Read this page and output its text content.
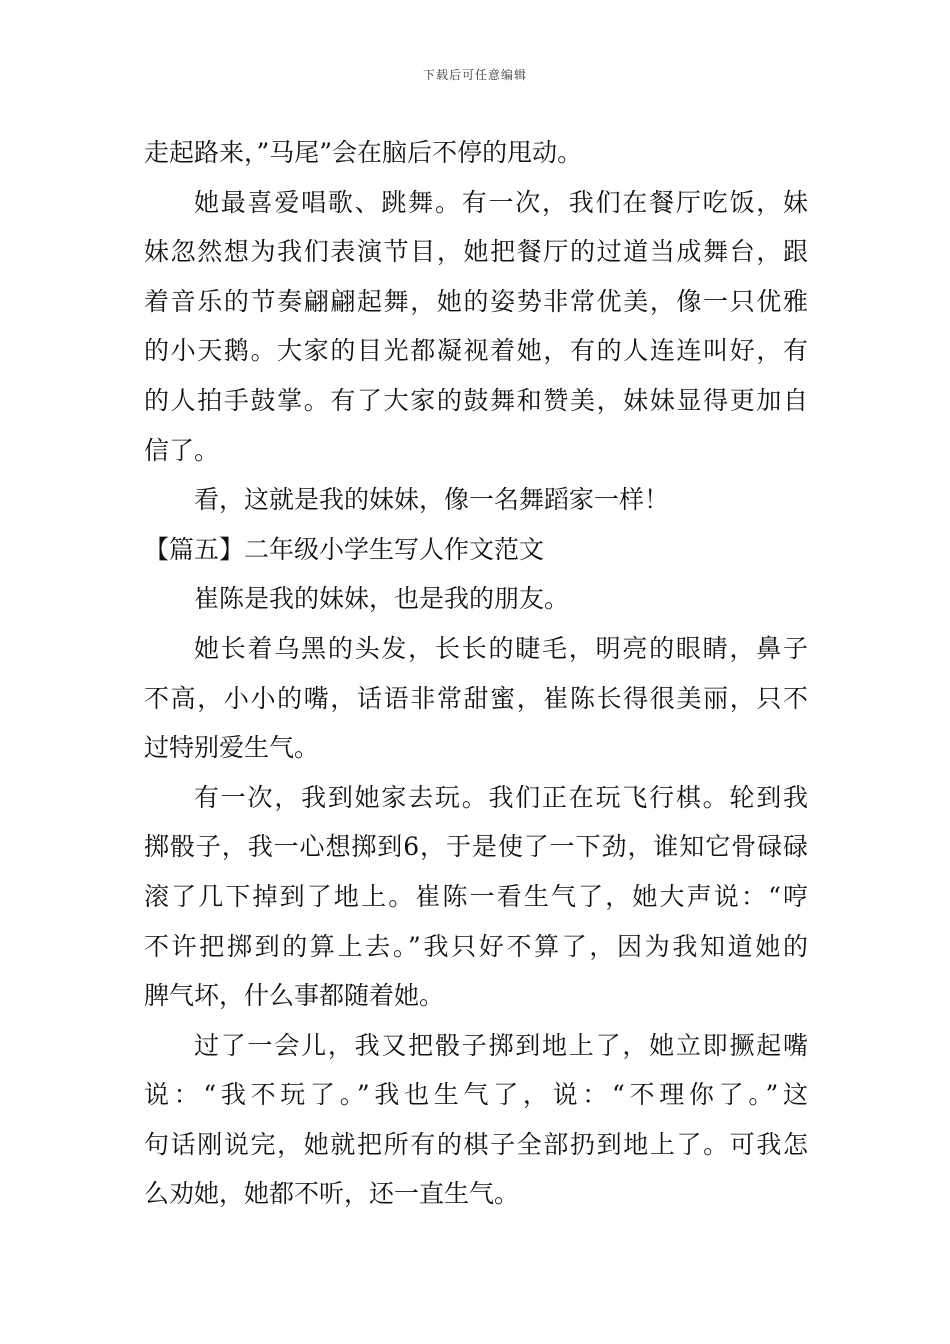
下载后可任意编辑
走起路来，”马尾”会在脑后不停的甩动。
她最喜爱唱歌、跳舞。有一次，我们在餐厅吃饭，妹
妹忽然想为我们表演节目，她把餐厅的过道当成舞台，跟
着音乐的节奏翩翩起舞，她的姿势非常优美，像一只优雅
的小天鹅。大家的目光都凝视着她，有的人连连叫好，有
的人拍手鼓掌。有了大家的鼓舞和赞美，妹妹显得更加自
信了。
看，这就是我的妹妹，像一名舞蹈家一样！
【篇五】二年级小学生写人作文范文
崔陈是我的妹妹，也是我的朋友。
她长着乌黑的头发，长长的睫毛，明亮的眼睛，鼻子
不高，小小的嘴，话语非常甜蜜，崔陈长得很美丽，只不
过特别爱生气。
有一次，我到她家去玩。我们正在玩飞行棋。轮到我
掷骰子，我一心想掷到6，于是使了一下劲，谁知它骨碌碌
滚了几下掉到了地上。崔陈一看生气了，她大声说：“哼
不许把掷到的算上去。”我只好不算了，因为我知道她的
脾气坏，什么事都随着她。
过了一会儿，我又把骰子掷到地上了，她立即撅起嘴
说：“我不玩了。”我也生气了，说：“不理你了。”这
句话刚说完，她就把所有的棋子全部扔到地上了。可我怎
么劝她，她都不听，还一直生气。
